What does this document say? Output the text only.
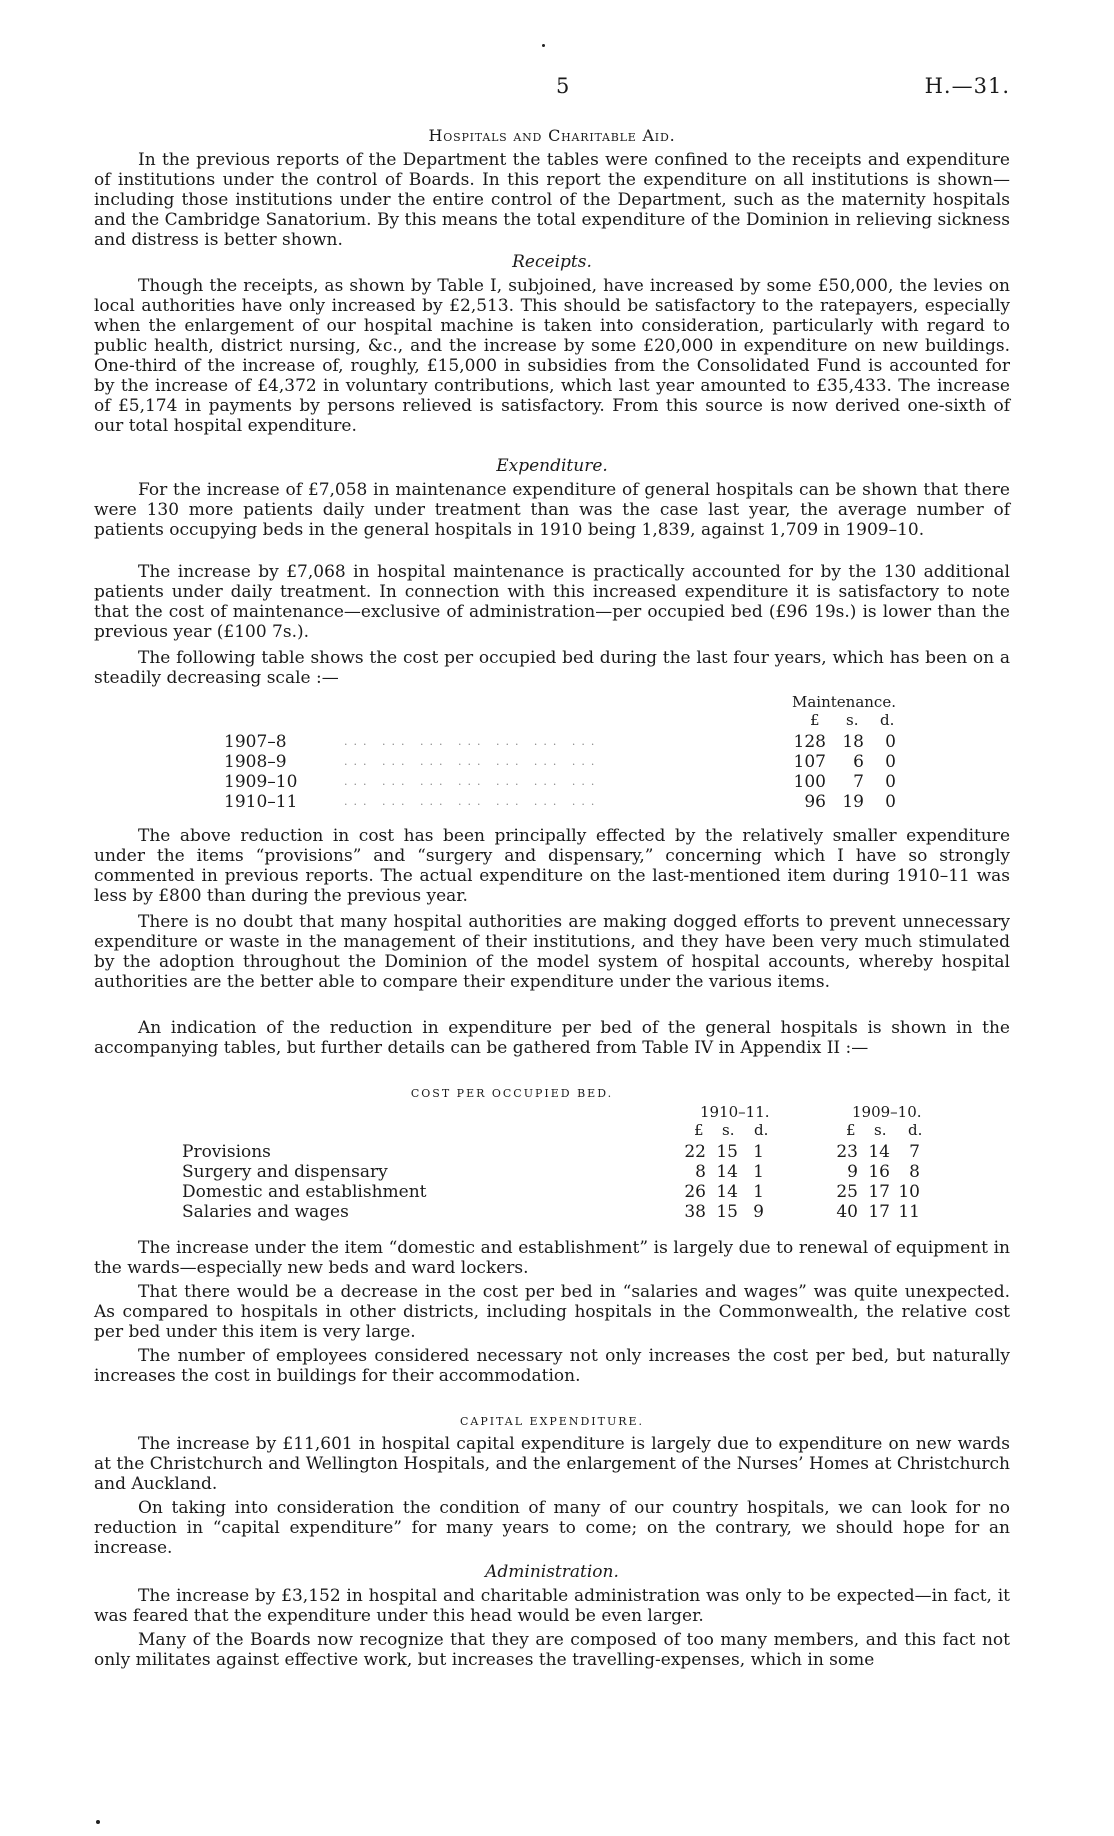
5	H.—31.
Hospitals and Charitable Aid.
In the previous reports of the Department the tables were confined to the receipts and expenditure of institutions under the control of Boards. In this report the expenditure on all institutions is shown—including those institutions under the entire control of the Department, such as the maternity hospitals and the Cambridge Sanatorium. By this means the total expenditure of the Dominion in relieving sickness and distress is better shown.
Receipts.
Though the receipts, as shown by Table I, subjoined, have increased by some £50,000, the levies on local authorities have only increased by £2,513. This should be satisfactory to the ratepayers, especially when the enlargement of our hospital machine is taken into consideration, particularly with regard to public health, district nursing, &c., and the increase by some £20,000 in expenditure on new buildings. One-third of the increase of, roughly, £15,000 in subsidies from the Consolidated Fund is accounted for by the increase of £4,372 in voluntary contributions, which last year amounted to £35,433. The increase of £5,174 in payments by persons relieved is satisfactory. From this source is now derived one-sixth of our total hospital expenditure.
Expenditure.
For the increase of £7,058 in maintenance expenditure of general hospitals can be shown that there were 130 more patients daily under treatment than was the case last year, the average number of patients occupying beds in the general hospitals in 1910 being 1,839, against 1,709 in 1909–10.
The increase by £7,068 in hospital maintenance is practically accounted for by the 130 additional patients under daily treatment. In connection with this increased expenditure it is satisfactory to note that the cost of maintenance—exclusive of administration—per occupied bed (£96 19s.) is lower than the previous year (£100 7s.).
The following table shows the cost per occupied bed during the last four years, which has been on a steadily decreasing scale :—
Maintenance.
£ s. d.
1907–8	... ... ... ... ... ... ...	128 18	0
1908–9	... ... ... ... ... ... ...	107	6	0
1909–10	... ... ... ... ... ... ...	100	7	0
1910–11	... ... ... ... ... ... ...	96 19	0
The above reduction in cost has been principally effected by the relatively smaller expenditure under the items “provisions” and “surgery and dispensary,” concerning which I have so strongly commented in previous reports. The actual expenditure on the last-mentioned item during 1910–11 was less by £800 than during the previous year.
There is no doubt that many hospital authorities are making dogged efforts to prevent unnecessary expenditure or waste in the management of their institutions, and they have been very much stimulated by the adoption throughout the Dominion of the model system of hospital accounts, whereby hospital authorities are the better able to compare their expenditure under the various items.
An indication of the reduction in expenditure per bed of the general hospitals is shown in the accompanying tables, but further details can be gathered from Table IV in Appendix II :—
COST PER OCCUPIED BED.
1910–11.	1909–10.
£ s. d.	£ s. d.
Provisions	22 15 1	23 14	7
Surgery and dispensary	8 14 1	9 16	8
Domestic and establishment	26 14 1	25 17 10
Salaries and wages	38 15 9	40 17 11
The increase under the item “domestic and establishment” is largely due to renewal of equipment in the wards—especially new beds and ward lockers.
That there would be a decrease in the cost per bed in “salaries and wages” was quite unexpected. As compared to hospitals in other districts, including hospitals in the Commonwealth, the relative cost per bed under this item is very large.
The number of employees considered necessary not only increases the cost per bed, but naturally increases the cost in buildings for their accommodation.
CAPITAL EXPENDITURE.
The increase by £11,601 in hospital capital expenditure is largely due to expenditure on new wards at the Christchurch and Wellington Hospitals, and the enlargement of the Nurses’ Homes at Christchurch and Auckland.
On taking into consideration the condition of many of our country hospitals, we can look for no reduction in “capital expenditure” for many years to come; on the contrary, we should hope for an increase.
Administration.
The increase by £3,152 in hospital and charitable administration was only to be expected—in fact, it was feared that the expenditure under this head would be even larger.
Many of the Boards now recognize that they are composed of too many members, and this fact not only militates against effective work, but increases the travelling-expenses, which in some
